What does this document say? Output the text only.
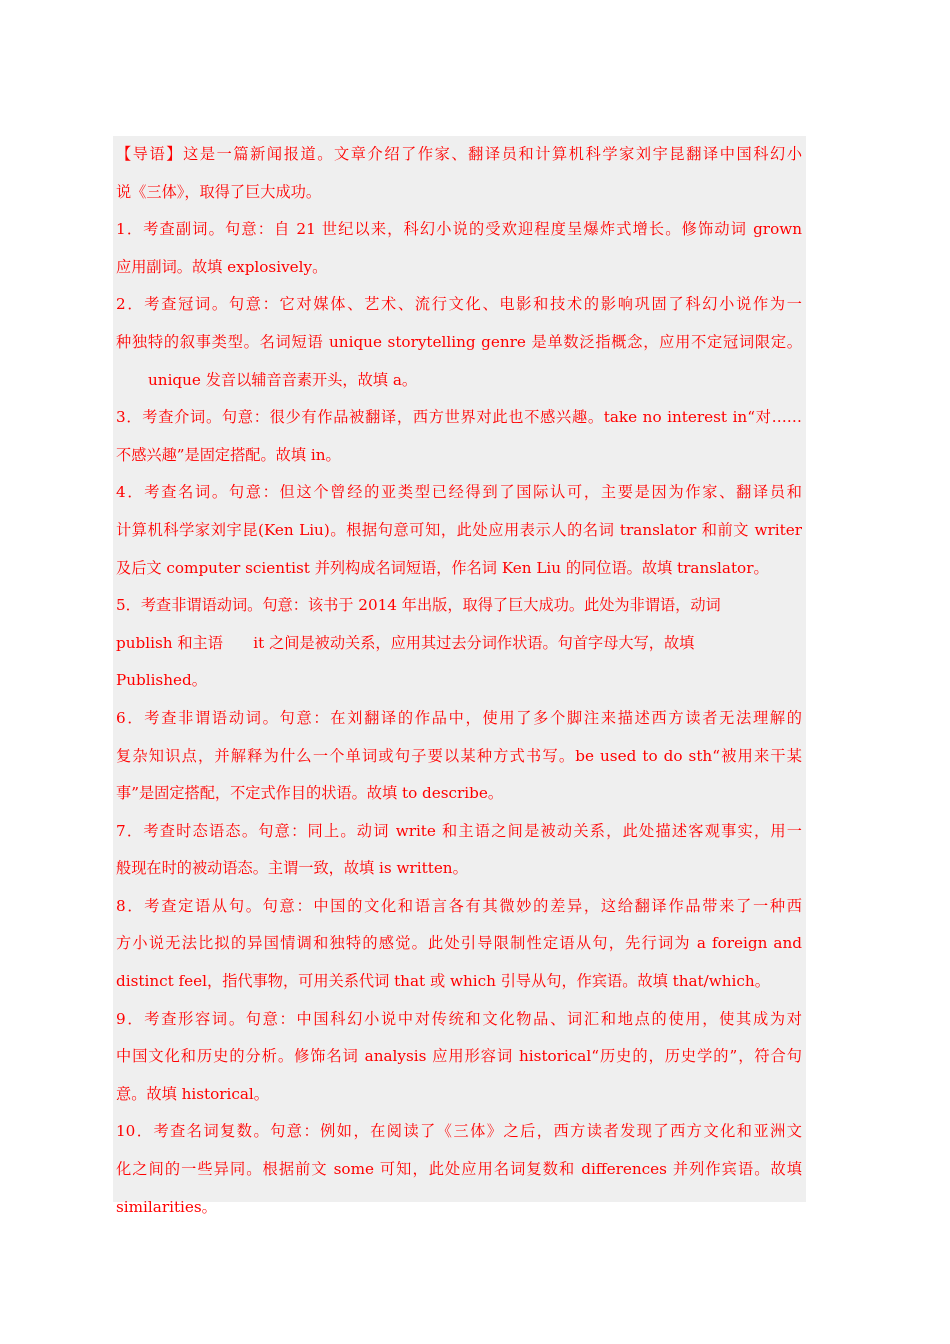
【导语】这是一篇新闻报道。文章介绍了作家、翻译员和计算机科学家刘宇昆翻译中国科幻小

说《三体》，取得了巨大成功。

1．考查副词。句意：自 21 世纪以来，科幻小说的受欢迎程度呈爆炸式增长。修饰动词 grown

应用副词。故填 explosively。

2．考查冠词。句意：它对媒体、艺术、流行文化、电影和技术的影响巩固了科幻小说作为一

种独特的叙事类型。名词短语 unique storytelling genre 是单数泛指概念，应用不定冠词限定。

unique 发音以辅音音素开头，故填 a。

3．考查介词。句意：很少有作品被翻译，西方世界对此也不感兴趣。take no interest in“对……

不感兴趣”是固定搭配。故填 in。

4．考查名词。句意：但这个曾经的亚类型已经得到了国际认可，主要是因为作家、翻译员和

计算机科学家刘宇昆(Ken Liu)。根据句意可知，此处应用表示人的名词 translator 和前文 writer

及后文 computer scientist 并列构成名词短语，作名词 Ken Liu 的同位语。故填 translator。

5．考查非谓语动词。句意：该书于 2014 年出版，取得了巨大成功。此处为非谓语，动词

publish 和主语　　it 之间是被动关系，应用其过去分词作状语。句首字母大写，故填

Published。

6．考查非谓语动词。句意：在刘翻译的作品中，使用了多个脚注来描述西方读者无法理解的

复杂知识点，并解释为什么一个单词或句子要以某种方式书写。be used to do sth“被用来干某

事”是固定搭配，不定式作目的状语。故填 to describe。

7．考查时态语态。句意：同上。动词 write 和主语之间是被动关系，此处描述客观事实，用一

般现在时的被动语态。主谓一致，故填 is written。

8．考查定语从句。句意：中国的文化和语言各有其微妙的差异，这给翻译作品带来了一种西

方小说无法比拟的异国情调和独特的感觉。此处引导限制性定语从句，先行词为 a foreign and

distinct feel，指代事物，可用关系代词 that 或 which 引导从句，作宾语。故填 that/which。

9．考查形容词。句意：中国科幻小说中对传统和文化物品、词汇和地点的使用，使其成为对

中国文化和历史的分析。修饰名词 analysis 应用形容词 historical“历史的，历史学的”，符合句

意。故填 historical。

10．考查名词复数。句意：例如，在阅读了《三体》之后，西方读者发现了西方文化和亚洲文

化之间的一些异同。根据前文 some 可知，此处应用名词复数和 differences 并列作宾语。故填

similarities。
